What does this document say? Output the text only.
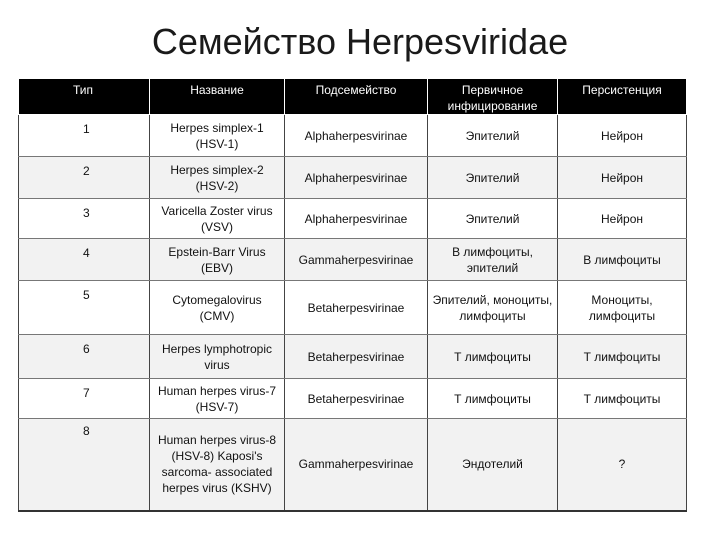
Семейство Herpesviridae
Тип	Название	Подсемейство	Первичное инфицирование	Персистенция
1	Herpes simplex-1 (HSV-1)	Alphaherpesvirinae	Эпителий	Нейрон
2	Herpes simplex-2 (HSV-2)	Alphaherpesvirinae	Эпителий	Нейрон
3	Varicella Zoster virus (VSV)	Alphaherpesvirinae	Эпителий	Нейрон
4	Epstein-Barr Virus (EBV)	Gammaherpesvirinae	В лимфоциты, эпителий	В лимфоциты
5	Cytomegalovirus (CMV)	Betaherpesvirinae	Эпителий, моноциты, лимфоциты	Моноциты, лимфоциты
6	Herpes lymphotropic virus	Betaherpesvirinae	Т лимфоциты	Т лимфоциты
7	Human herpes virus-7 (HSV-7)	Betaherpesvirinae	Т лимфоциты	Т лимфоциты
8	Human herpes virus-8 (HSV-8) Kaposi's sarcoma- associated herpes virus (KSHV)	Gammaherpesvirinae	Эндотелий	?
